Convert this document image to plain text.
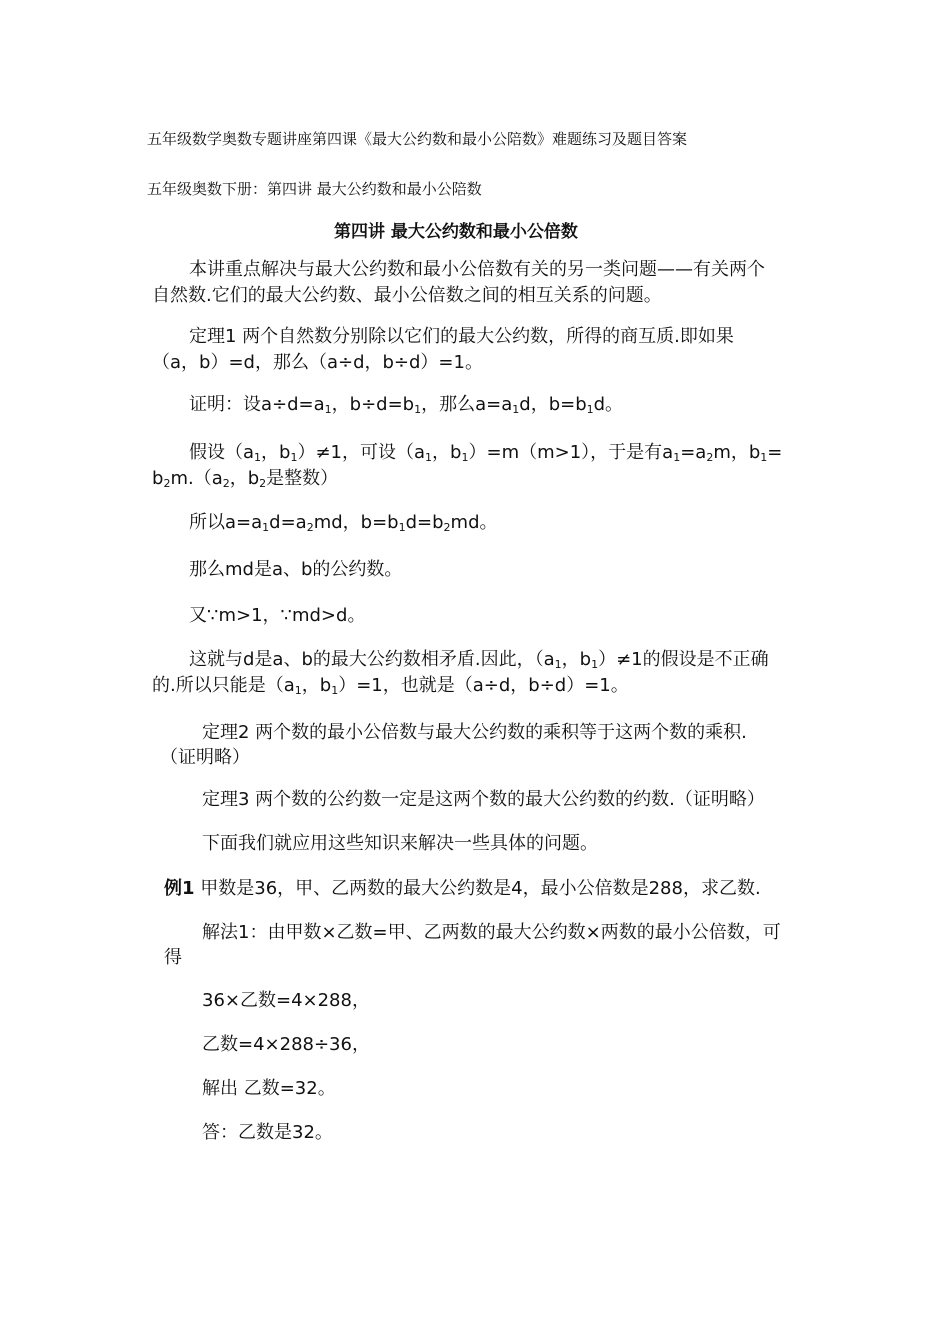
五年级数学奥数专题讲座第四课《最大公约数和最小公陪数》难题练习及题目答案
五年级奥数下册：第四讲 最大公约数和最小公陪数
第四讲 最大公约数和最小公倍数
本讲重点解决与最大公约数和最小公倍数有关的另一类问题——有关两个
自然数.它们的最大公约数、最小公倍数之间的相互关系的问题。
定理1 两个自然数分别除以它们的最大公约数，所得的商互质.即如果
（a，b）=d，那么（a÷d，b÷d）=1。
证明：设$a\div d=a_1$，$b\div d=b_1$，那么$a=a_1d$，$b=b_1d$。
假设（$a_1$，$b_1)\ne 1$，可设（$a_1$，$b_1)=m(m>1)$，于是有$a_1=a_2m$，$b_1=$
$b_2m.(a_2$，$b_2$是整数）
所以$a=a_1d=a_2md$，$b=b_1d=b_2md$。
那么md是a、b的公约数。
又∵m>1，∵md>d。
这就与d是a、b的最大公约数相矛盾.因此，（$a_1$，$b_1)\ne 1$的假设是不正确
的.所以只能是（$a_1$，$b_1)=1$，也就是（a÷d，b÷d）=1。
定理2 两个数的最小公倍数与最大公约数的乘积等于这两个数的乘积.
（证明略）
定理3 两个数的公约数一定是这两个数的最大公约数的约数.（证明略）
下面我们就应用这些知识来解决一些具体的问题。
例1 甲数是36，甲、乙两数的最大公约数是4，最小公倍数是288，求乙数.
解法1：由甲数×乙数=甲、乙两数的最大公约数×两数的最小公倍数，可
得
36×乙数=4×288，
乙数=4×288÷36，
解出 乙数=32。
答：乙数是32。
